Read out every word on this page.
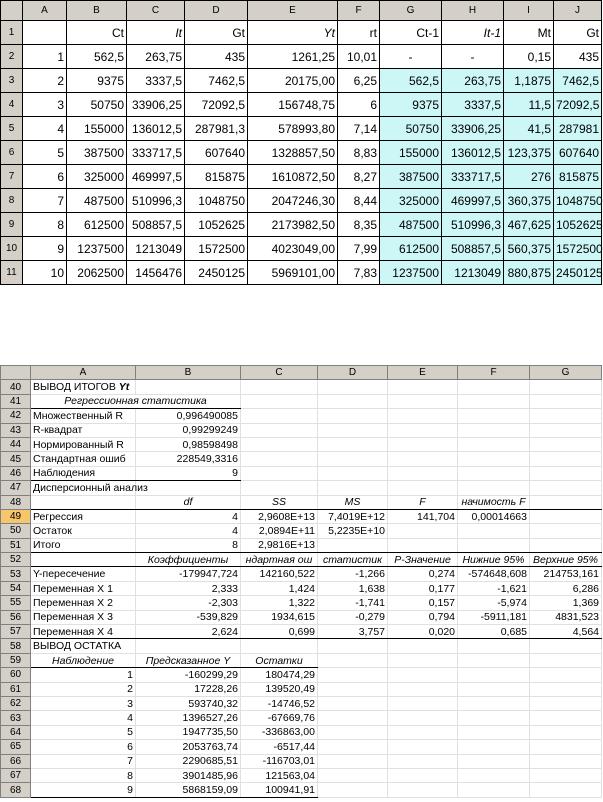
	A	B	C	D	E	F	G	H	I	J
1		Ct	It	Gt	Yt	rt	Ct-1	It-1	Mt	Gt
2	1	562,5	263,75	435	1261,25	10,01	-	-	0,15	435
3	2	9375	3337,5	7462,5	20175,00	6,25	562,5	263,75	1,1875	7462,5
4	3	50750	33906,25	72092,5	156748,75	6	9375	3337,5	11,5	72092,5
5	4	155000	136012,5	287981,3	578993,80	7,14	50750	33906,25	41,5	287981
6	5	387500	333717,5	607640	1328857,50	8,83	155000	136012,5	123,375	607640
7	6	325000	469997,5	815875	1610872,50	8,27	387500	333717,5	276	815875
8	7	487500	510996,3	1048750	2047246,30	8,44	325000	469997,5	360,375	1048750
9	8	612500	508857,5	1052625	2173982,50	8,35	487500	510996,3	467,625	1052625
10	9	1237500	1213049	1572500	4023049,00	7,99	612500	508857,5	560,375	1572500
11	10	2062500	1456476	2450125	5969101,00	7,83	1237500	1213049	880,875	2450125
	A	B	C	D	E	F	G
40	ВЫВОД ИТОГОВ Yt						
41	Регрессионная статистика						
42	Множественный R	0,996490085					
43	R-квадрат	0,99299249					
44	Нормированный R	0,98598498					
45	Стандартная ошиб	228549,3316					
46	Наблюдения	9					
47	Дисперсионный анализ						
48		df	SS	MS	F	начимость F	
49	Регрессия	4	2,9608E+13	7,4019E+12	141,704	0,00014663	
50	Остаток	4	2,0894E+11	5,2235E+10			
51	Итого	8	2,9816E+13				
52		Коэффициенты	ндартная ош	статистик	Р-Значение	Нижние 95%	Верхние 95%
53	Y-пересечение	-179947,724	142160,522	-1,266	0,274	-574648,608	214753,161
54	Переменная X 1	2,333	1,424	1,638	0,177	-1,621	6,286
55	Переменная X 2	-2,303	1,322	-1,741	0,157	-5,974	1,369
56	Переменная X 3	-539,829	1934,615	-0,279	0,794	-5911,181	4831,523
57	Переменная X 4	2,624	0,699	3,757	0,020	0,685	4,564
58	ВЫВОД ОСТАТКА						
59	Наблюдение	Предсказанное Y	Остатки				
60	1	-160299,29	180474,29				
61	2	17228,26	139520,49				
62	3	593740,32	-14746,52				
63	4	1396527,26	-67669,76				
64	5	1947735,50	-336863,00				
65	6	2053763,74	-6517,44				
66	7	2290685,51	-116703,01				
67	8	3901485,96	121563,04				
68	9	5868159,09	100941,91				
